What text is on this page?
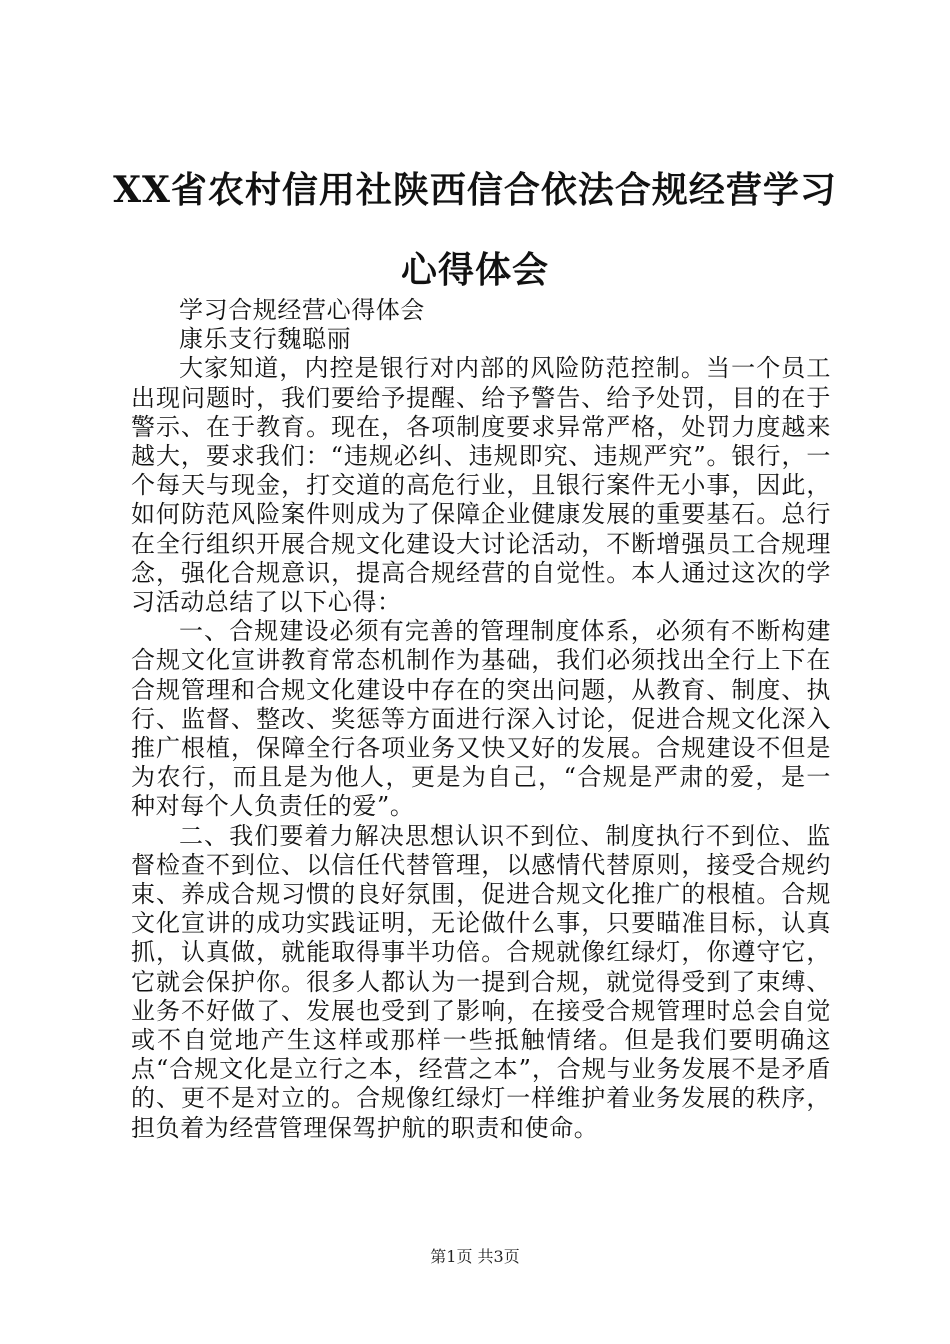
XX省农村信用社陕西信合依法合规经营学习心得体会

学习合规经营心得体会

康乐支行魏聪丽

大家知道，内控是银行对内部的风险防范控制。当一个员工出现问题时，我们要给予提醒、给予警告、给予处罚，目的在于警示、在于教育。现在，各项制度要求异常严格，处罚力度越来越大，要求我们：“违规必纠、违规即究、违规严究”。银行，一个每天与现金，打交道的高危行业，且银行案件无小事，因此，如何防范风险案件则成为了保障企业健康发展的重要基石。总行在全行组织开展合规文化建设大讨论活动，不断增强员工合规理念，强化合规意识，提高合规经营的自觉性。本人通过这次的学习活动总结了以下心得：

一、合规建设必须有完善的管理制度体系，必须有不断构建合规文化宣讲教育常态机制作为基础，我们必须找出全行上下在合规管理和合规文化建设中存在的突出问题，从教育、制度、执行、监督、整改、奖惩等方面进行深入讨论，促进合规文化深入推广根植，保障全行各项业务又快又好的发展。合规建设不但是为农行，而且是为他人，更是为自己，“合规是严肃的爱，是一种对每个人负责任的爱”。

二、我们要着力解决思想认识不到位、制度执行不到位、监督检查不到位、以信任代替管理，以感情代替原则，接受合规约束、养成合规习惯的良好氛围，促进合规文化推广的根植。合规文化宣讲的成功实践证明，无论做什么事，只要瞄准目标，认真抓，认真做，就能取得事半功倍。合规就像红绿灯，你遵守它，它就会保护你。很多人都认为一提到合规，就觉得受到了束缚、业务不好做了、发展也受到了影响，在接受合规管理时总会自觉或不自觉地产生这样或那样一些抵触情绪。但是我们要明确这点“合规文化是立行之本，经营之本”，合规与业务发展不是矛盾的、更不是对立的。合规像红绿灯一样维护着业务发展的秩序，担负着为经营管理保驾护航的职责和使命。

第1页 共3页
